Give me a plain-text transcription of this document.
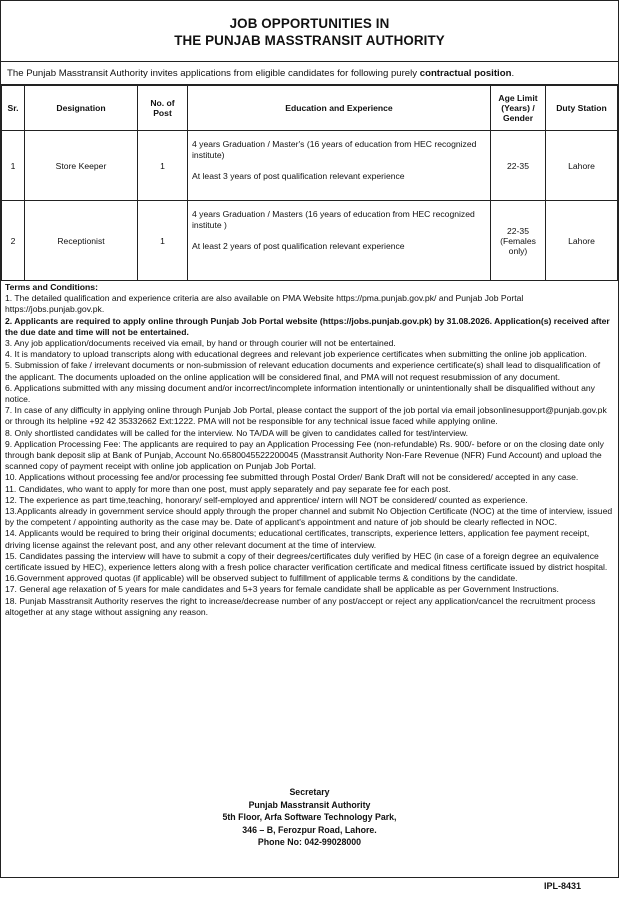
JOB OPPORTUNITIES IN
THE PUNJAB MASSTRANSIT AUTHORITY
The Punjab Masstransit Authority invites applications from eligible candidates for following purely contractual position.
Sr.	Designation	No. of Post	Education and Experience	Age Limit (Years) / Gender	Duty Station
1	Store Keeper	1	4 years Graduation / Master's (16 years of education from HEC recognized institute)

At least 3 years of post qualification relevant experience	22-35	Lahore
2	Receptionist	1	4 years Graduation / Masters (16 years of education from HEC recognized institute )

At least 2 years of post qualification relevant experience	22-35 (Females only)	Lahore
Terms and Conditions:

1. The detailed qualification and experience criteria are also available on PMA Website https://pma.punjab.gov.pk/ and Punjab Job Portal https://jobs.punjab.gov.pk.

2. Applicants are required to apply online through Punjab Job Portal website (https://jobs.punjab.gov.pk) by 31.08.2026. Application(s) received after the due date and time will not be entertained.

3. Any job application/documents received via email, by hand or through courier will not be entertained.

4. It is mandatory to upload transcripts along with educational degrees and relevant job experience certificates when submitting the online job application.

5. Submission of fake / irrelevant documents or non-submission of relevant education documents and experience certificate(s) shall lead to disqualification of the applicant. The documents uploaded on the online application will be considered final, and PMA will not request resubmission of any document.

6. Applications submitted with any missing document and/or incorrect/incomplete information intentionally or unintentionally shall be disqualified without any notice.

7. In case of any difficulty in applying online through Punjab Job Portal, please contact the support of the job portal via email jobsonlinesupport@punjab.gov.pk or through its helpline +92 42 35332662 Ext:1222. PMA will not be responsible for any technical issue faced while applying online.

8. Only shortlisted candidates will be called for the interview. No TA/DA will be given to candidates called for test/interview.

9. Application Processing Fee: The applicants are required to pay an Application Processing Fee (non-refundable) Rs. 900/- before or on the closing date only through bank deposit slip at Bank of Punjab, Account No.6580045522200045 (Masstransit Authority Non-Fare Revenue (NFR) Fund Account) and upload the scanned copy of payment receipt with online job application on Punjab Job Portal.

10. Applications without processing fee and/or processing fee submitted through Postal Order/ Bank Draft will not be considered/ accepted in any case.

11. Candidates, who want to apply for more than one post, must apply separately and pay separate fee for each post.

12. The experience as part time,teaching, honorary/ self-employed and apprentice/ intern will NOT be considered/ counted as experience.

13.Applicants already in government service should apply through the proper channel and submit No Objection Certificate (NOC) at the time of interview, issued by the competent / appointing authority as the case may be. Date of applicant's appointment and nature of job should be clearly reflected in NOC.

14. Applicants would be required to bring their original documents; educational certificates, transcripts, experience letters, application fee payment receipt, driving license against the relevant post, and any other relevant document at the time of interview.

15. Candidates passing the interview will have to submit a copy of their degrees/certificates duly verified by HEC (in case of a foreign degree an equivalence certificate issued by HEC), experience letters along with a fresh police character verification certificate and medical fitness certificate issued by district hospital.

16.Government approved quotas (if applicable) will be observed subject to fulfillment of applicable terms & conditions by the candidate.

17. General age relaxation of 5 years for male candidates and 5+3 years for female candidate shall be applicable as per Government Instructions.

18. Punjab Masstransit Authority reserves the right to increase/decrease number of any post/accept or reject any application/cancel the recruitment process altogether at any stage without assigning any reason.

Secretary
Punjab Masstransit Authority
5th Floor, Arfa Software Technology Park,
346 – B, Ferozpur Road, Lahore.
Phone No: 042-99028000
IPL-8431
